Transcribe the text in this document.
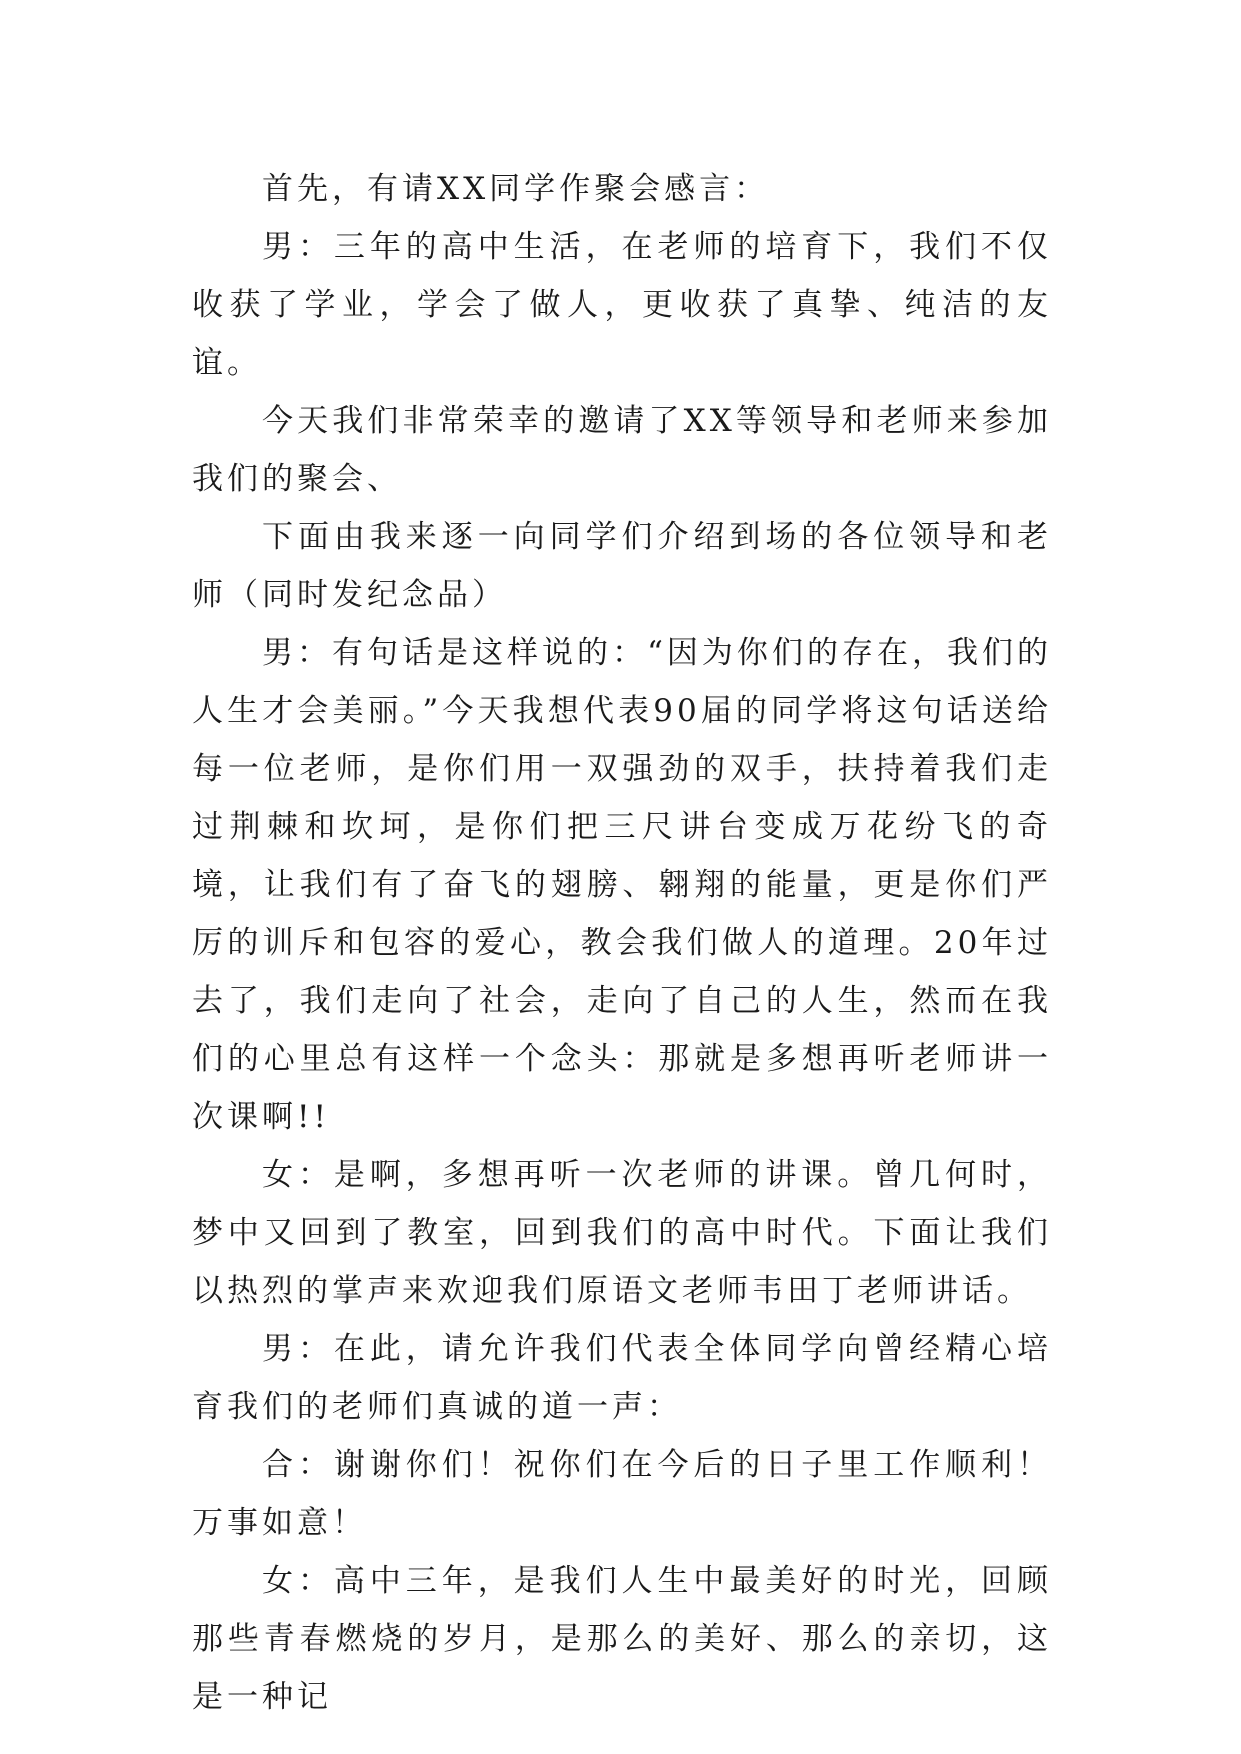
首先，有请XX同学作聚会感言：

男：三年的高中生活，在老师的培育下，我们不仅收获了学业，学会了做人，更收获了真挚、纯洁的友谊。

今天我们非常荣幸的邀请了XX等领导和老师来参加我们的聚会、

下面由我来逐一向同学们介绍到场的各位领导和老师（同时发纪念品）

男：有句话是这样说的：“因为你们的存在，我们的人生才会美丽。”今天我想代表90届的同学将这句话送给每一位老师，是你们用一双强劲的双手，扶持着我们走过荆棘和坎坷，是你们把三尺讲台变成万花纷飞的奇境，让我们有了奋飞的翅膀、翱翔的能量，更是你们严厉的训斥和包容的爱心，教会我们做人的道理。20年过去了，我们走向了社会，走向了自己的人生，然而在我们的心里总有这样一个念头：那就是多想再听老师讲一次课啊!!

女：是啊，多想再听一次老师的讲课。曾几何时，梦中又回到了教室，回到我们的高中时代。下面让我们以热烈的掌声来欢迎我们原语文老师韦田丁老师讲话。

男：在此，请允许我们代表全体同学向曾经精心培育我们的老师们真诚的道一声：

合：谢谢你们！祝你们在今后的日子里工作顺利！万事如意！

女：高中三年，是我们人生中最美好的时光，回顾那些青春燃烧的岁月，是那么的美好、那么的亲切，这是一种记
